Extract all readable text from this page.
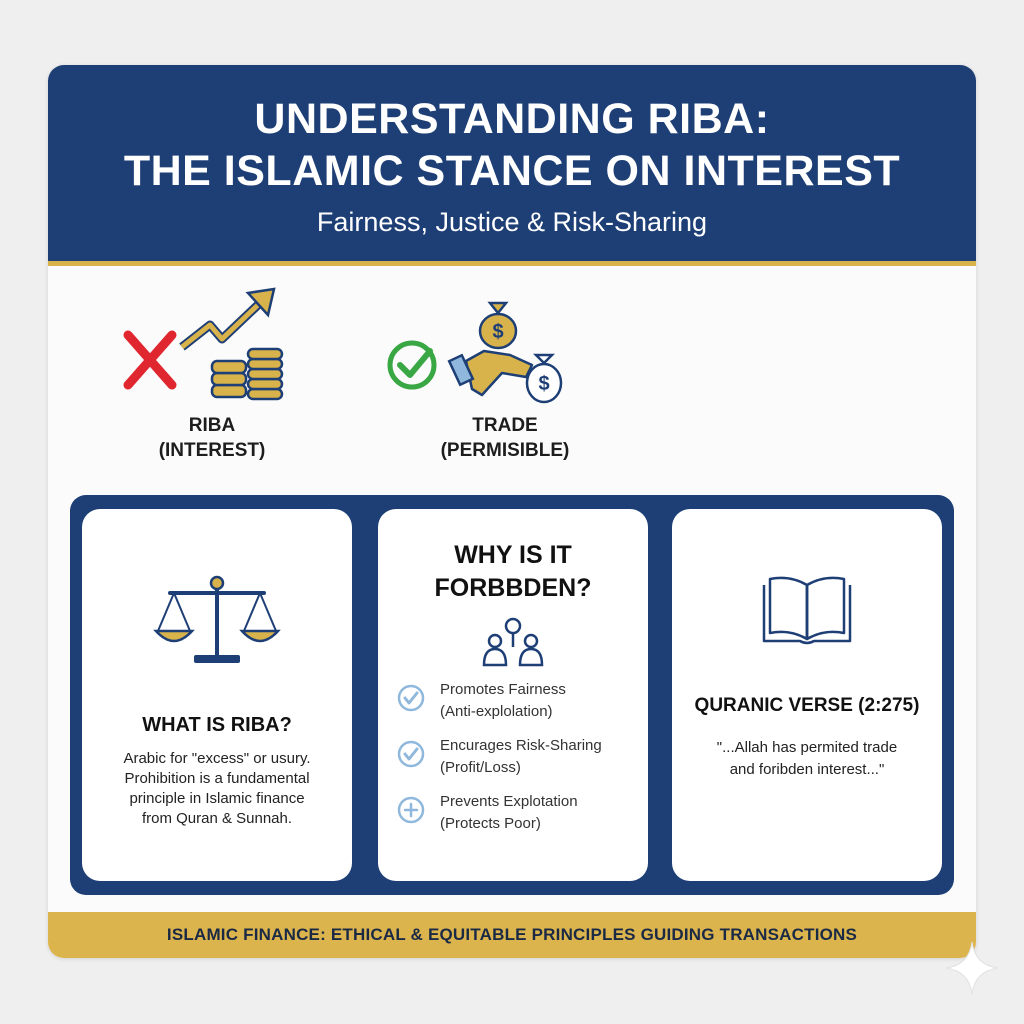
UNDERSTANDING RIBA:
THE ISLAMIC STANCE ON INTEREST
Fairness, Justice & Risk-Sharing
RIBA
(INTEREST)
$
$
TRADE
(PERMISIBLE)
WHAT IS RIBA?
Arabic for "excess" or usury.
Prohibition is a fundamental
principle in Islamic finance
from Quran & Sunnah.
WHY IS IT
FORBBDEN?
Promotes Fairness
(Anti-explolation)
Encurages Risk-Sharing
(Profit/Loss)
Prevents Explotation
(Protects Poor)
QURANIC VERSE (2:275)
"...Allah has permited trade
and foribden interest..."
ISLAMIC FINANCE: ETHICAL & EQUITABLE PRINCIPLES GUIDING TRANSACTIONS
